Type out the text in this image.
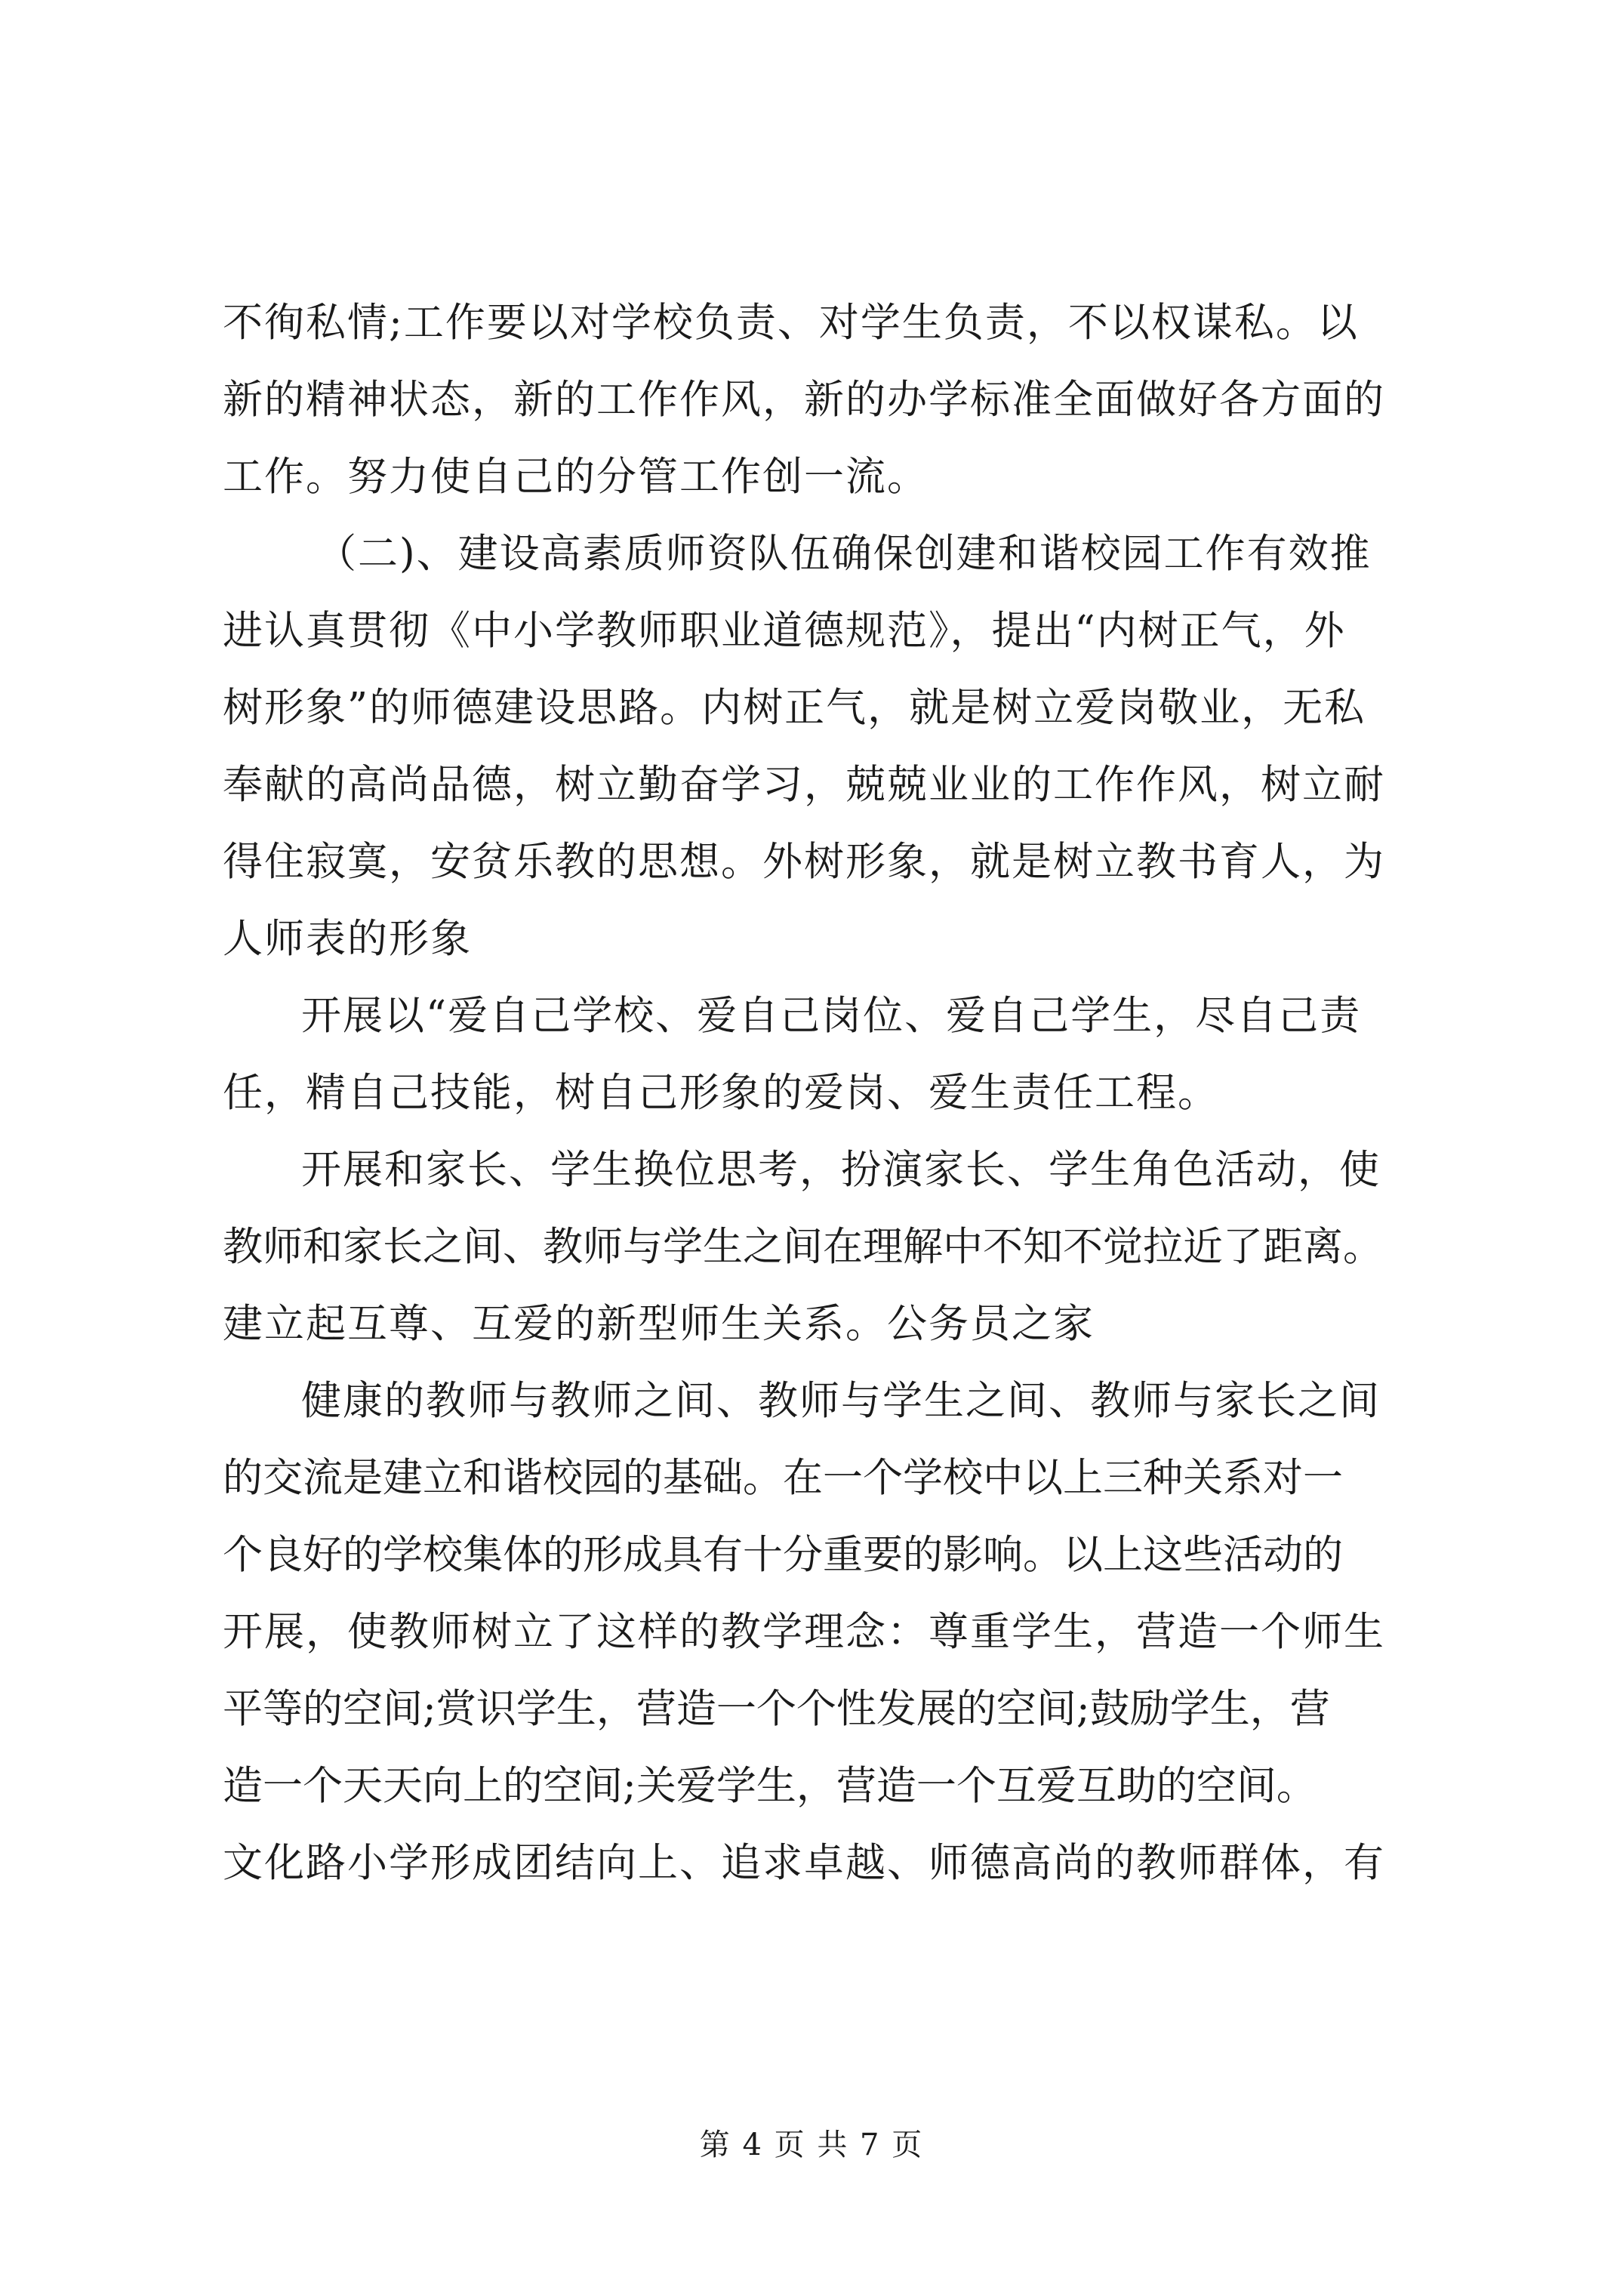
不徇私情;工作要以对学校负责、对学生负责，不以权谋私。以
新的精神状态，新的工作作风，新的办学标准全面做好各方面的
工作。努力使自己的分管工作创一流。
（二)、建设高素质师资队伍确保创建和谐校园工作有效推
进认真贯彻《中小学教师职业道德规范》，提出“内树正气，外
树形象”的师德建设思路。内树正气，就是树立爱岗敬业，无私
奉献的高尚品德，树立勤奋学习，兢兢业业的工作作风，树立耐
得住寂寞，安贫乐教的思想。外树形象，就是树立教书育人，为
人师表的形象
开展以“爱自己学校、爱自己岗位、爱自己学生，尽自己责
任，精自己技能，树自己形象的爱岗、爱生责任工程。
开展和家长、学生换位思考，扮演家长、学生角色活动，使
教师和家长之间、教师与学生之间在理解中不知不觉拉近了距离。
建立起互尊、互爱的新型师生关系。公务员之家
健康的教师与教师之间、教师与学生之间、教师与家长之间
的交流是建立和谐校园的基础。在一个学校中以上三种关系对一
个良好的学校集体的形成具有十分重要的影响。以上这些活动的
开展，使教师树立了这样的教学理念：尊重学生，营造一个师生
平等的空间;赏识学生，营造一个个性发展的空间;鼓励学生，营
造一个天天向上的空间;关爱学生，营造一个互爱互助的空间。
文化路小学形成团结向上、追求卓越、师德高尚的教师群体，有
第 4 页 共 7 页
